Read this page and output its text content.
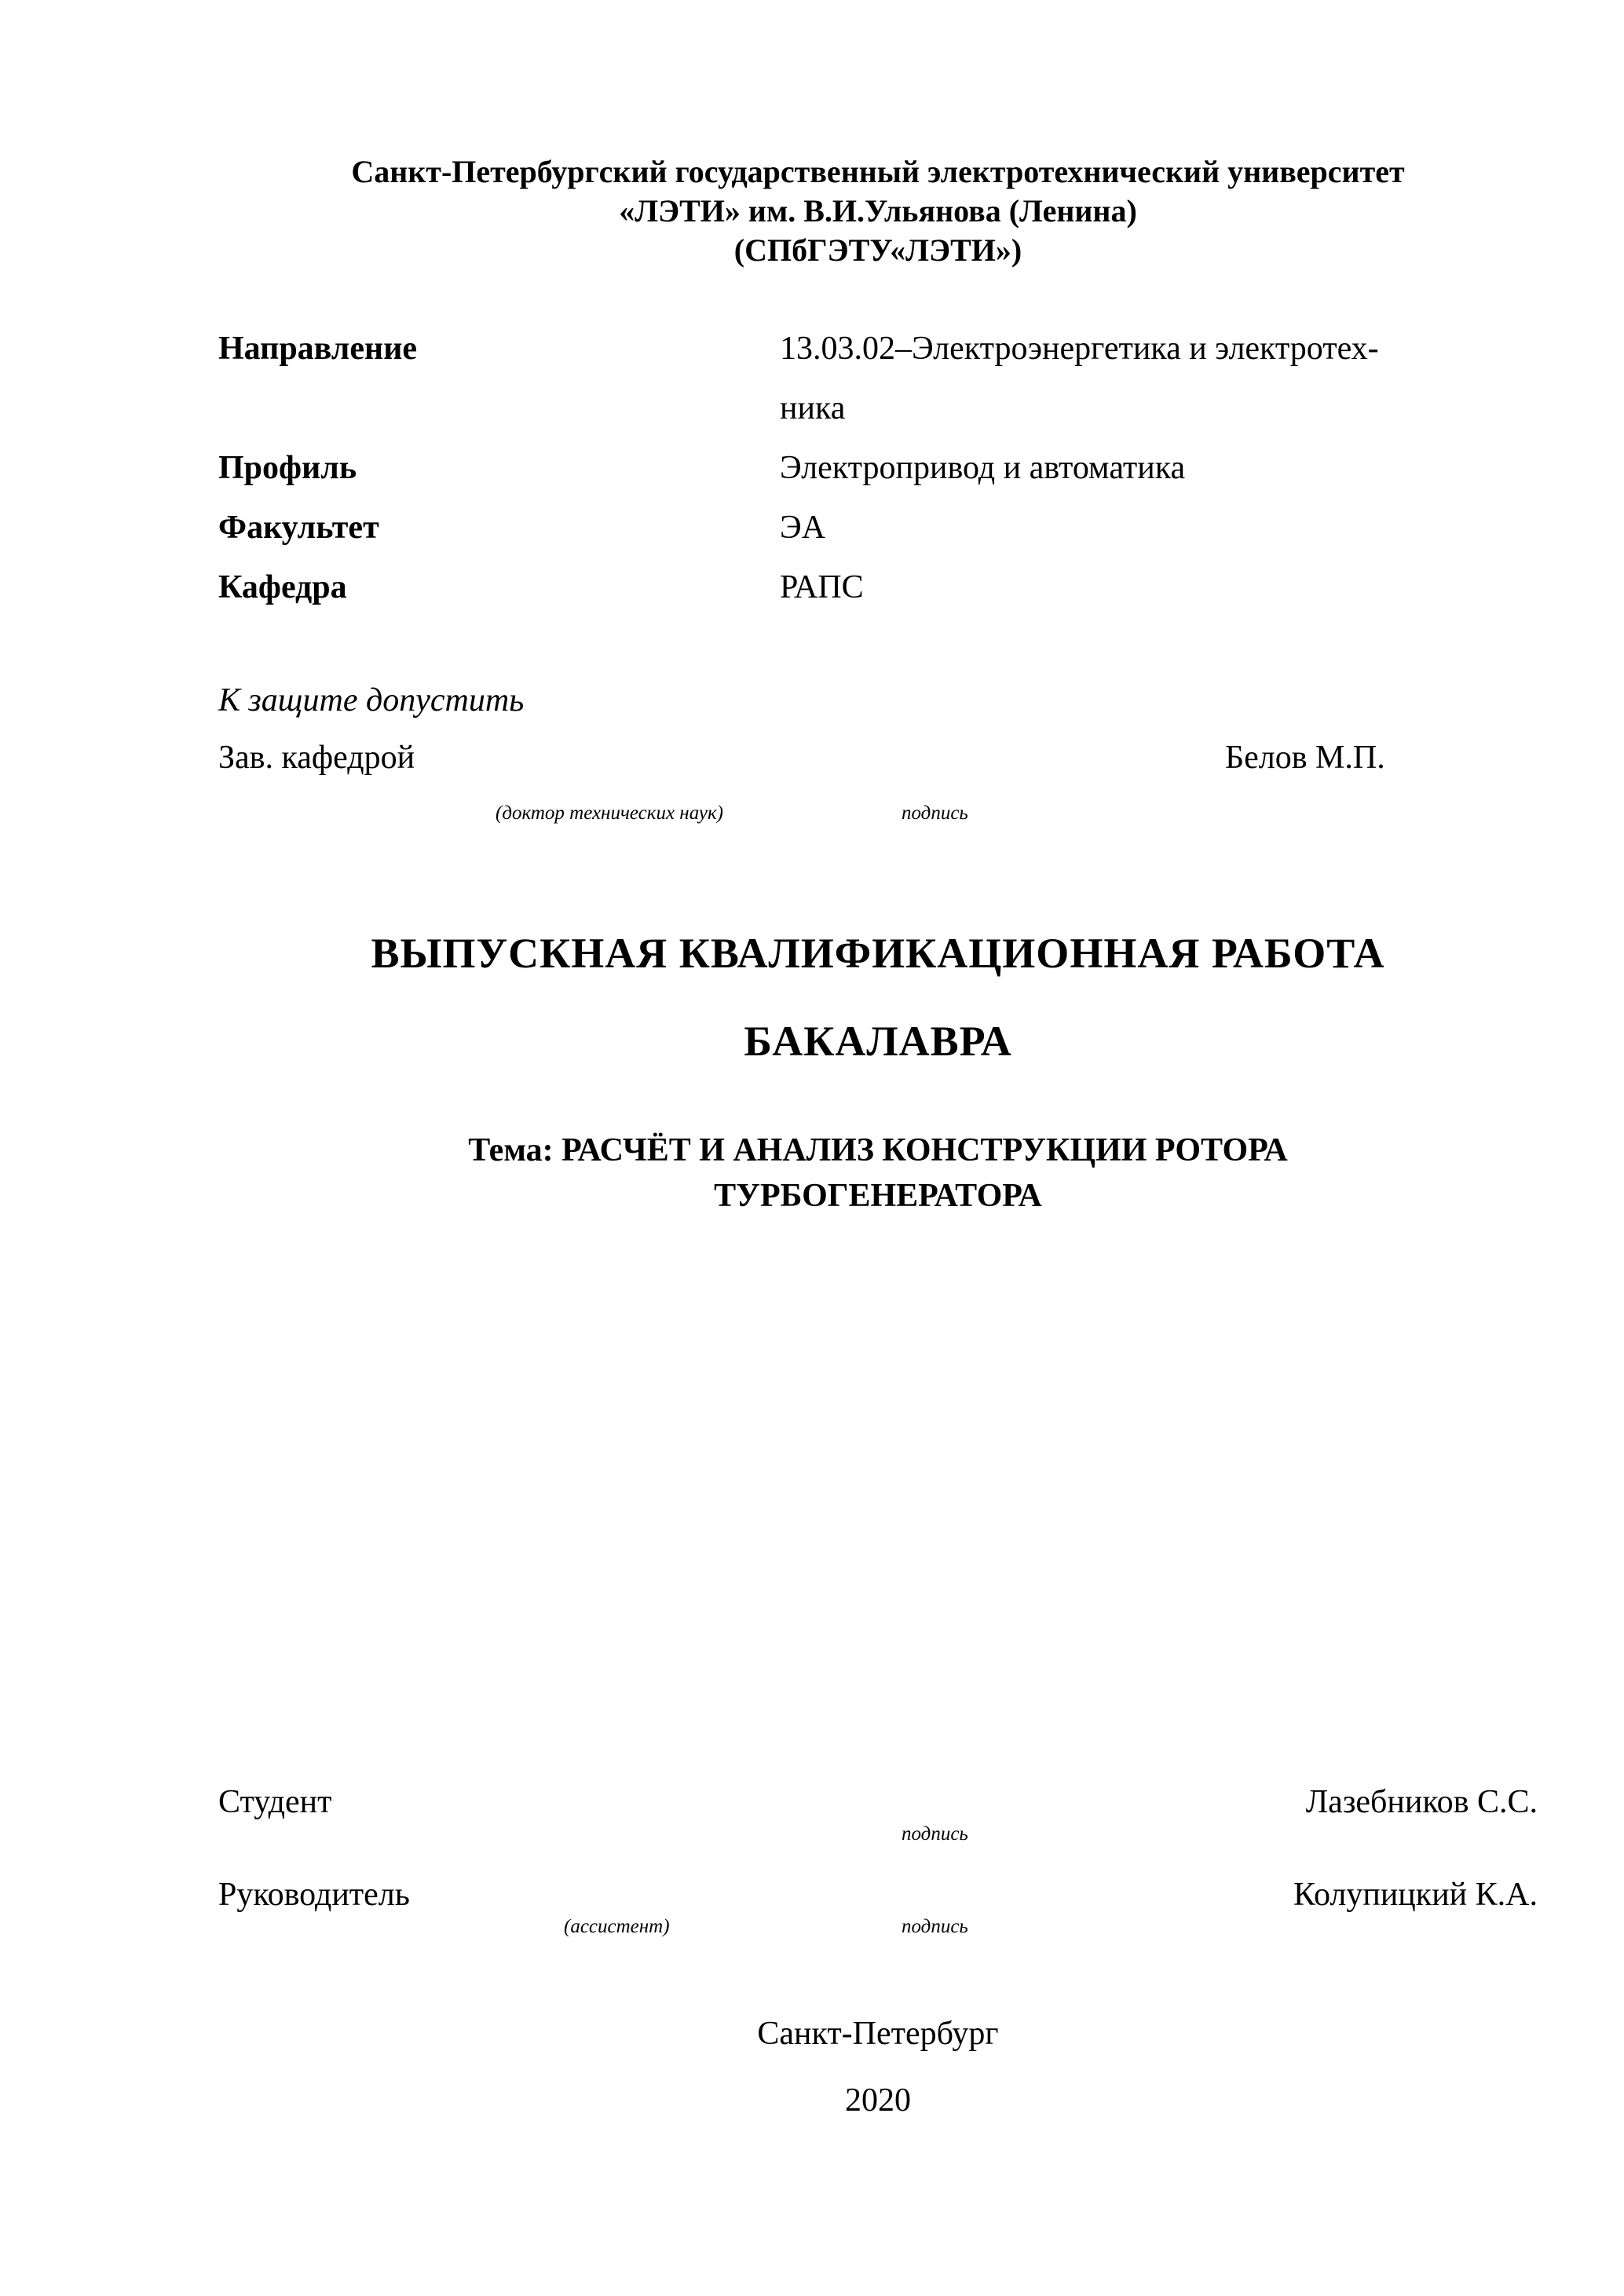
Санкт-Петербургский государственный электротехнический университет
«ЛЭТИ» им. В.И.Ульянова (Ленина)
(СПбГЭТУ«ЛЭТИ»)
Направление	13.03.02–Электроэнергетика и электротех-
ника
Профиль	Электропривод и автоматика
Факультет	ЭА
Кафедра	РАПС
К защите допустить
Зав. кафедрой	Белов М.П.
(доктор технических наук)	подпись
ВЫПУСКНАЯ КВАЛИФИКАЦИОННАЯ РАБОТА
БАКАЛАВРА
Тема: РАСЧЁТ И АНАЛИЗ КОНСТРУКЦИИ РОТОРА
ТУРБОГЕНЕРАТОРА
Студент	Лазебников С.С.
подпись
Руководитель	Колупицкий К.А.
(ассистент)	подпись
Санкт-Петербург
2020
